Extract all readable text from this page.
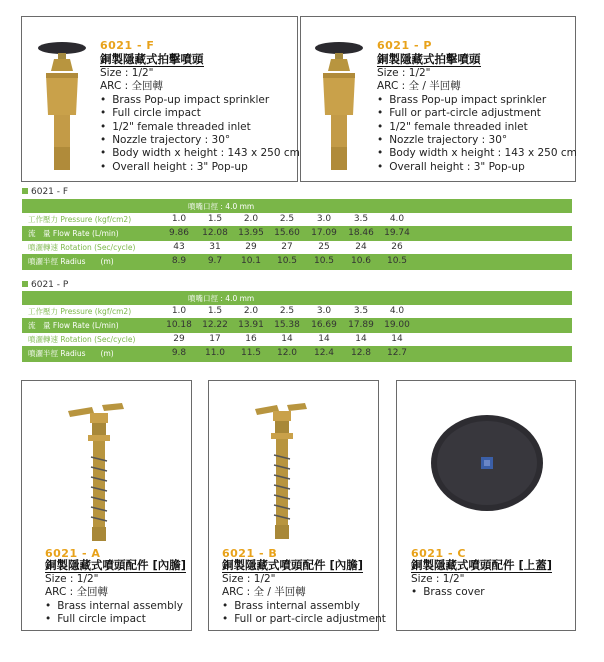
6021 - F
銅製隱藏式拍擊噴頭
Size : 1/2"
ARC : 全回轉
• Brass Pop-up impact sprinkler
• Full circle impact
• 1/2" female threaded inlet
• Nozzle trajectory : 30°
• Body width x height : 143 x 250 cm
• Overall height : 3" Pop-up
6021 - P
銅製隱藏式拍擊噴頭
Size : 1/2"
ARC : 全 / 半回轉
• Brass Pop-up impact sprinkler
• Full or part-circle adjustment
• 1/2" female threaded inlet
• Nozzle trajectory : 30°
• Body width x height : 143 x 250 cm
• Overall height : 3" Pop-up
6021 - F
噴嘴口徑 : 4.0 mm
工作壓力 Pressure (kgf/cm2)	1.0	1.5	2.0	2.5	3.0	3.5	4.0
流　量 Flow Rate (L/min)	9.86	12.08	13.95	15.60	17.09	18.46	19.74
噴灑轉速 Rotation (Sec/cycle)	43	31	29	27	25	24	26
噴灑半徑 Radius　　(m)	8.9	9.7	10.1	10.5	10.5	10.6	10.5
6021 - P
噴嘴口徑 : 4.0 mm
工作壓力 Pressure (kgf/cm2)	1.0	1.5	2.0	2.5	3.0	3.5	4.0
流　量 Flow Rate (L/min)	10.18	12.22	13.91	15.38	16.69	17.89	19.00
噴灑轉速 Rotation (Sec/cycle)	29	17	16	14	14	14	14
噴灑半徑 Radius　　(m)	9.8	11.0	11.5	12.0	12.4	12.8	12.7
6021 - A
銅製隱藏式噴頭配件 [內膽]
Size : 1/2"
ARC : 全回轉
• Brass internal assembly
• Full circle impact
6021 - B
銅製隱藏式噴頭配件 [內膽]
Size : 1/2"
ARC : 全 / 半回轉
• Brass internal assembly
• Full or part-circle adjustment
6021 - C
銅製隱藏式噴頭配件 [上蓋]
Size : 1/2"
• Brass cover
